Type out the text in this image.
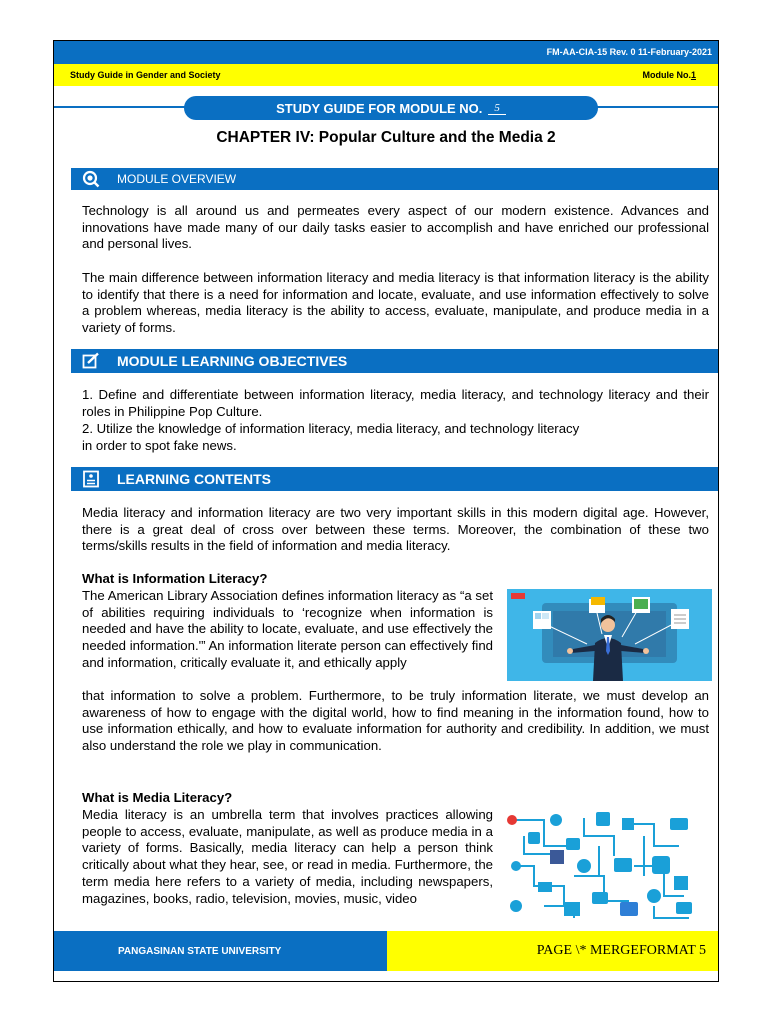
FM-AA-CIA-15 Rev. 0 11-February-2021
Study Guide in Gender and Society	Module No.1
STUDY GUIDE FOR MODULE NO.	5
CHAPTER IV: Popular Culture and the Media 2
MODULE OVERVIEW

Technology is all around us and permeates every aspect of our modern existence. Advances and innovations have made many of our daily tasks easier to accomplish and have enriched our professional and personal lives.

The main difference between information literacy and media literacy is that information literacy is the ability to identify that there is a need for information and locate, evaluate, and use information effectively to solve a problem whereas, media literacy is the ability to access, evaluate, manipulate, and produce media in a variety of forms.

MODULE LEARNING OBJECTIVES

1. Define and differentiate between information literacy, media literacy, and technology literacy and their roles in Philippine Pop Culture.

2. Utilize the knowledge of information literacy, media literacy, and technology literacy
in order to spot fake news.

LEARNING CONTENTS

Media literacy and information literacy are two very important skills in this modern digital age. However, there is a great deal of cross over between these terms. Moreover, the combination of these two terms/skills results in the field of information and media literacy.

What is Information Literacy?

The American Library Association defines information literacy as “a set of abilities requiring individuals to ‘recognize when information is needed and have the ability to locate, evaluate, and use effectively the needed information.'” An information literate person can effectively find and information, critically evaluate it, and ethically apply

that information to solve a problem. Furthermore, to be truly information literate, we must develop an awareness of how to engage with the digital world, how to find meaning in the information found, how to use information ethically, and how to evaluate information for authority and credibility. In addition, we must also understand the role we play in communication.

What is Media Literacy?

Media literacy is an umbrella term that involves practices allowing people to access, evaluate, manipulate, as well as produce media in a variety of forms. Basically, media literacy can help a person think critically about what they hear, see, or read in media. Furthermore, the term media here refers to a variety of media, including newspapers, magazines, books, radio, television, movies, music, video

PANGASINAN STATE UNIVERSITY	PAGE \* MERGEFORMAT 5
